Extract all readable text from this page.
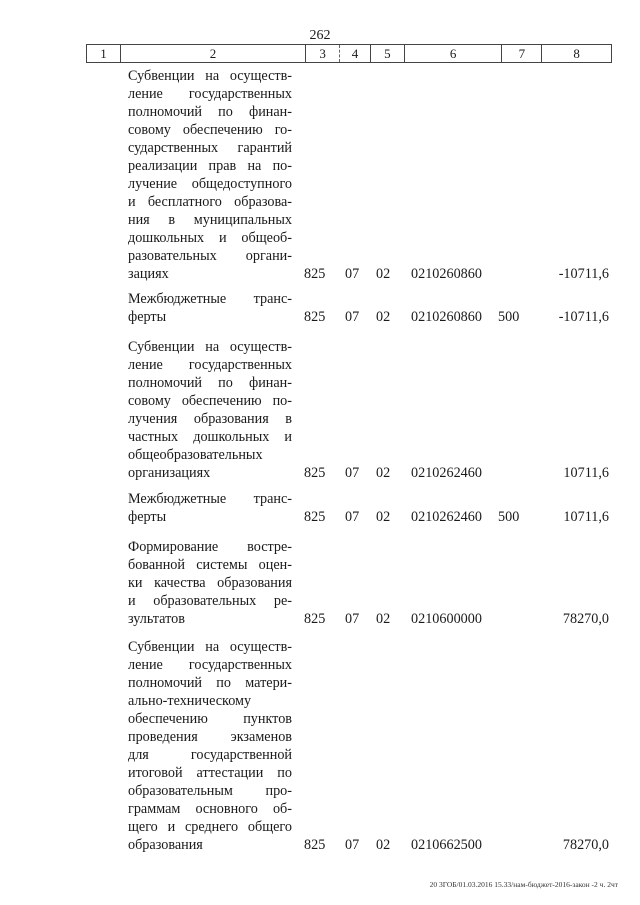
262
1	2	3	4	5	6	7	8
Субвенции на осуществ-
ление государственных
полномочий по финан-
совому обеспечению го-
сударственных гарантий
реализации прав на по-
лучение общедоступного
и бесплатного образова-
ния в муниципальных
дошкольных и общеоб-
разовательных органи-
зациях	825 07 02 0210260860	-10711,6
Межбюджетные транс-
ферты	825 07 02 0210260860 500	-10711,6
Субвенции на осуществ-
ление государственных
полномочий по финан-
совому обеспечению по-
лучения образования в
частных дошкольных и
общеобразовательных
организациях	825 07 02 0210262460	10711,6
Межбюджетные транс-
ферты	825 07 02 0210262460 500	10711,6
Формирование востре-
бованной системы оцен-
ки качества образования
и образовательных ре-
зультатов	825 07 02 0210600000	78270,0
Субвенции на осуществ-
ление государственных
полномочий по матери-
ально-техническому
обеспечению пунктов
проведения экзаменов
для государственной
итоговой аттестации по
образовательным про-
граммам основного об-
щего и среднего общего
образования	825 07 02 0210662500	78270,0
20 3ГОБ/01.03.2016 15.33/нам-бюджет-2016-закон -2 ч. 2чт
